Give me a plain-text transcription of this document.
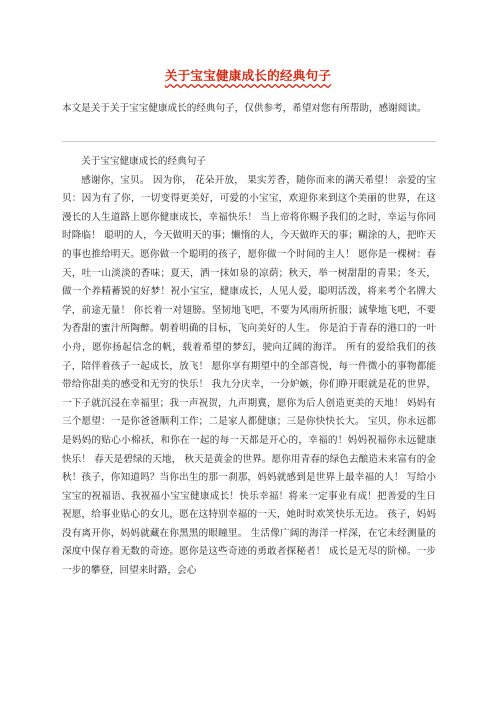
关于宝宝健康成长的经典句子
本文是关于关于宝宝健康成长的经典句子，仅供参考，希望对您有所帮助，感谢阅读。
关于宝宝健康成长的经典句子
感谢你，宝贝。 因为你， 花朵开放， 果实芳香，随你而来的满天希望！ 亲爱的宝贝：因为有了你，一切变得更美好，可爱的小宝宝，欢迎你来到这个美丽的世界，在这漫长的人生道路上愿你健康成长，幸福快乐！ 当上帝将你赐予我们的之时，幸运与你同时降临！ 聪明的人，今天做明天的事；懒惰的人，今天做昨天的事；糊涂的人，把昨天的事也推给明天。愿你做一个聪明的孩子，愿你做一个时间的主人！ 愿你是一棵树：春天，吐一山淡淡的香味；夏天，洒一抹如泉的凉荫；秋天，举一树甜甜的青果；冬天，做一个养精蓄锐的好梦！祝小宝宝，健康成长，人见人爱，聪明活泼，将来考个名牌大学，前途无量！ 你长着一对翅膀。坚韧地飞吧，不要为风雨所折服；诚挚地飞吧，不要为香甜的蜜汁所陶醉。朝着明确的目标，飞向美好的人生。 你是泊于青春的港口的一叶小舟，愿你扬起信念的帆，载着希望的梦幻，驶向辽阔的海洋。 所有的爱给我们的孩子，陪伴着孩子一起成长，放飞！ 愿你享有期望中的全部喜悦，每一件微小的事物都能带给你甜美的感受和无穷的快乐！ 我九分庆幸，一分妒嫉，你们睁开眼就是花的世界，一下子就沉浸在幸福里；我一声祝贺，九声期冀，愿你为后人创造更美的天地！ 妈妈有三个愿望：一是你爸爸顺利工作；二是家人都健康；三是你快快长大。 宝贝，你永远都是妈妈的贴心小棉袄，和你在一起的每一天都是开心的，幸福的！妈妈祝福你永远健康快乐！ 春天是碧绿的天地， 秋天是黄金的世界。愿你用青春的绿色去酿造未来富有的金秋！孩子，你知道吗？当你出生的那一刹那，妈妈就感到是世界上最幸福的人！ 写给小宝宝的祝福语、我祝福小宝宝健康成长！快乐幸福！将来一定事业有成！把善爱的生日祝愿，给事业贴心的女儿，愿在这特别幸福的一天，她时时欢笑快乐无边。 孩子，妈妈没有离开你，妈妈就藏在你黑黑的眼瞳里。 生活像广阔的海洋一样深，在它未经测量的深度中保存着无数的奇迹。愿你是这些奇迹的勇敢者探秘者！ 成长是无尽的阶梯。一步一步的攀登，回望来时路，会心
